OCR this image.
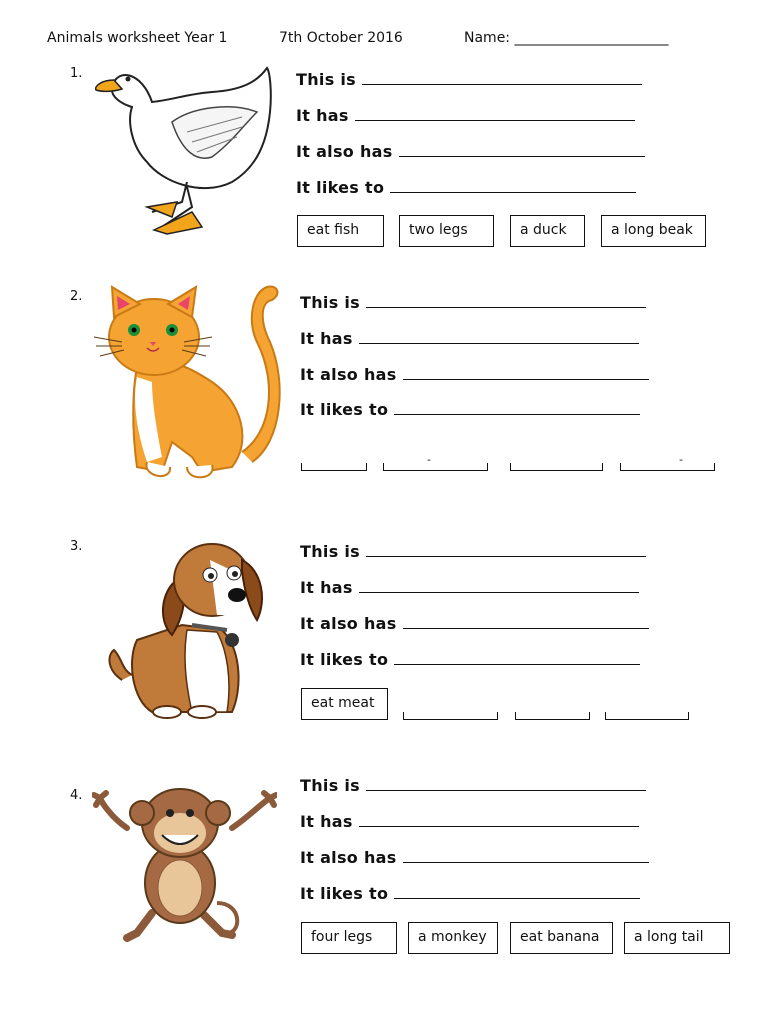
Animals worksheet Year 1	7th October 2016	Name: ______________________
1.	This is
It has
It also has
It likes to
eat fish	two legs	a duck	a long beak
2.	This is
It has
It also has
It likes to
-	-
3.	This is
It has
It also has
It likes to
eat meat
4.
This is
It has
It also has
It likes to
four legs	a monkey	eat banana	a long tail
